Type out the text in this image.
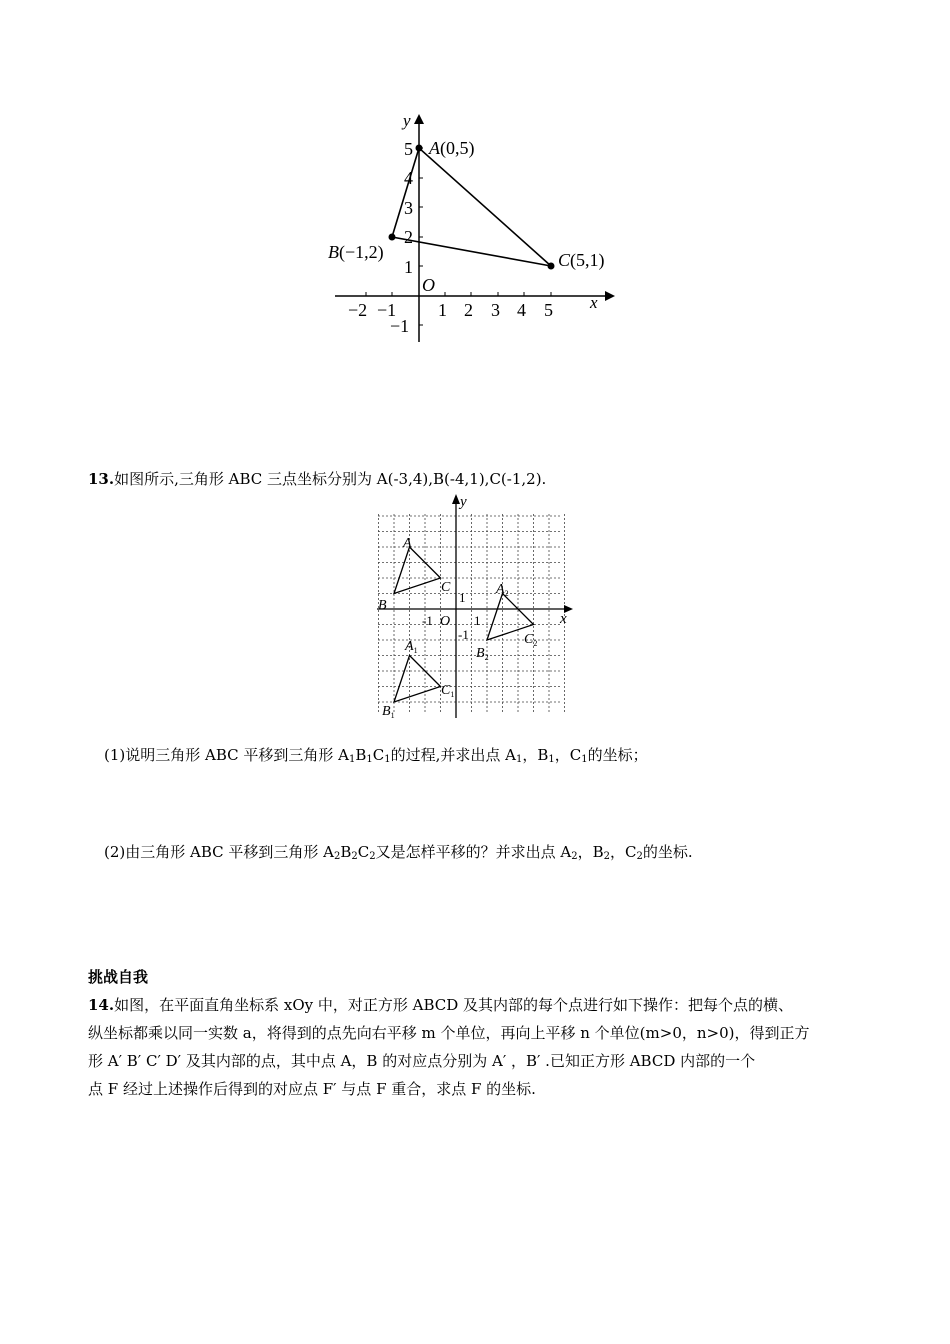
y
x
O
−2 −1 1 2 3 4 5
5
4
3
2
1
−1
A(0,5)
B(−1,2)	C(5,1)
13.如图所示,三角形 ABC 三点坐标分别为 A(-3,4),B(-4,1),C(-1,2).
y
x
O
-1	1
1
-1
A
B
C
$A_1$
$B_1$
$C_1$
$A_2$
$B_2$
$C_2$
(1)说明三角形 ABC 平移到三角形 $A_1B_1C_1$的过程,并求出点 $A_1$，$B_1$，$C_1$的坐标；
(2)由三角形 ABC 平移到三角形 $A_2B_2C_2$又是怎样平移的？并求出点 $A_2$，$B_2$，$C_2$的坐标.
挑战自我
14.如图，在平面直角坐标系 xOy 中，对正方形 ABCD 及其内部的每个点进行如下操作：把每个点的横、
纵坐标都乘以同一实数 a，将得到的点先向右平移 m 个单位，再向上平移 n 个单位(m>0，n>0)，得到正方
形 A′ B′ C′ D′ 及其内部的点，其中点 A，B 的对应点分别为 A′ ，B′ .已知正方形 ABCD 内部的一个
点 F 经过上述操作后得到的对应点 F′ 与点 F 重合，求点 F 的坐标.
